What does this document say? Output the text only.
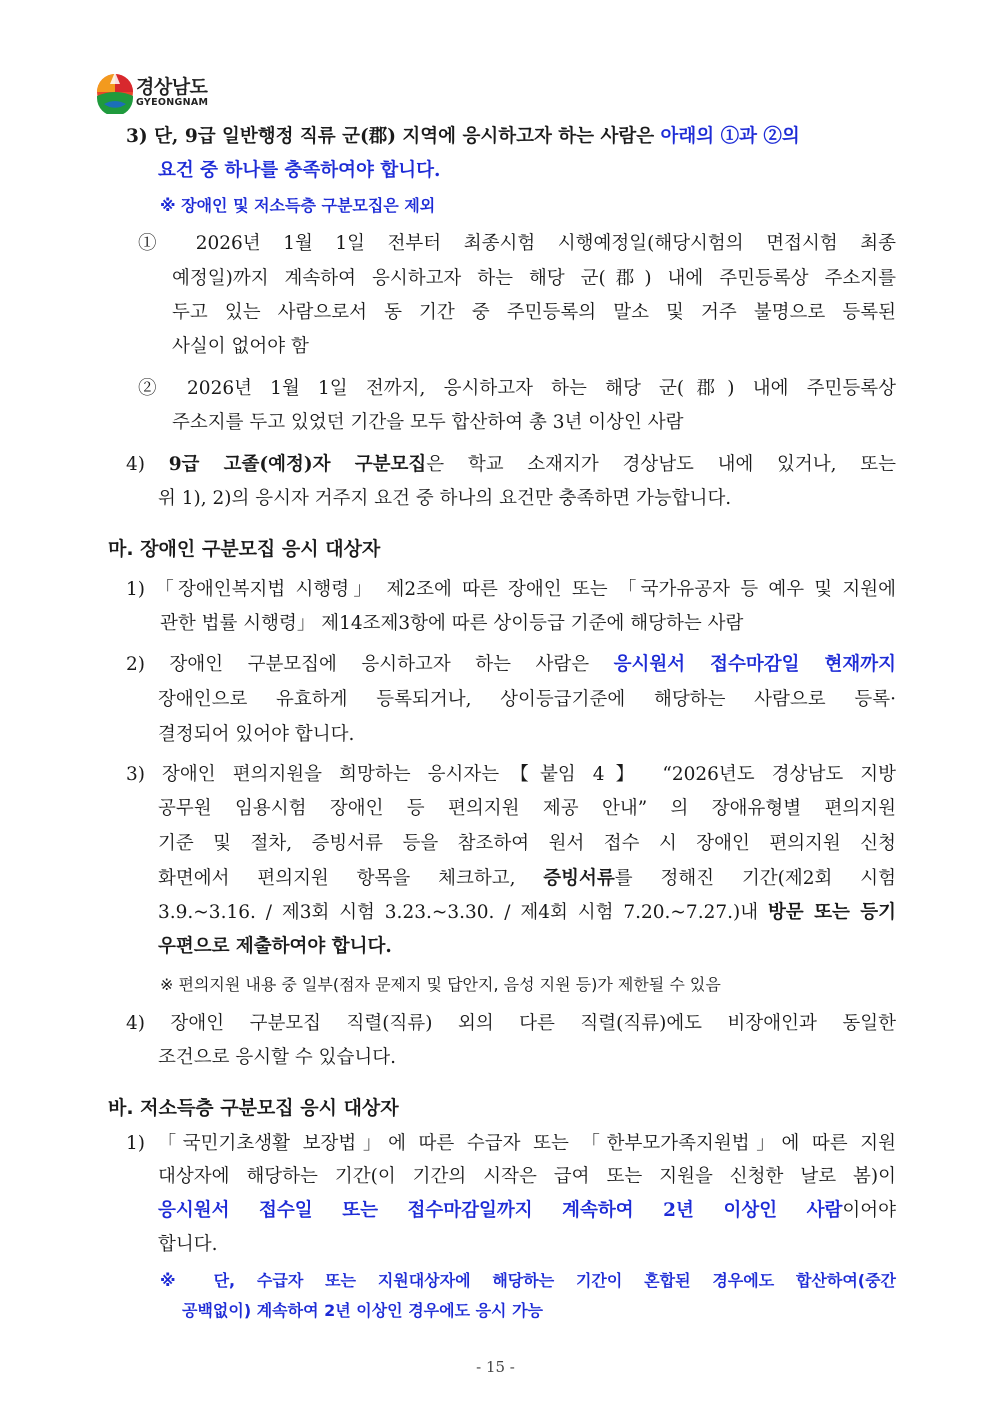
경상남도
GYEONGNAM
3) 단, 9급 일반행정 직류 군(郡) 지역에 응시하고자 하는 사람은 아래의 ①과 ②의
요건 중 하나를 충족하여야 합니다.
※ 장애인 및 저소득층 구분모집은 제외
① 2026년 1월 1일 전부터 최종시험 시행예정일(해당시험의 면접시험 최종
예정일)까지 계속하여 응시하고자 하는 해당 군(郡) 내에 주민등록상 주소지를
두고 있는 사람으로서 동 기간 중 주민등록의 말소 및 거주 불명으로 등록된
사실이 없어야 함
② 2026년 1월 1일 전까지, 응시하고자 하는 해당 군(郡) 내에 주민등록상
주소지를 두고 있었던 기간을 모두 합산하여 총 3년 이상인 사람
4) 9급 고졸(예정)자 구분모집은 학교 소재지가 경상남도 내에 있거나, 또는
위 1), 2)의 응시자 거주지 요건 중 하나의 요건만 충족하면 가능합니다.
마. 장애인 구분모집 응시 대상자
1) 「장애인복지법 시행령」 제2조에 따른 장애인 또는 「국가유공자 등 예우 및 지원에
관한 법률 시행령」 제14조제3항에 따른 상이등급 기준에 해당하는 사람
2) 장애인 구분모집에 응시하고자 하는 사람은 응시원서 접수마감일 현재까지
장애인으로 유효하게 등록되거나, 상이등급기준에 해당하는 사람으로 등록·
결정되어 있어야 합니다.
3) 장애인 편의지원을 희망하는 응시자는【붙임 4】 “2026년도 경상남도 지방
공무원 임용시험 장애인 등 편의지원 제공 안내” 의 장애유형별 편의지원
기준 및 절차, 증빙서류 등을 참조하여 원서 접수 시 장애인 편의지원 신청
화면에서 편의지원 항목을 체크하고, 증빙서류를 정해진 기간(제2회 시험
3.9.~3.16. / 제3회 시험 3.23.~3.30. / 제4회 시험 7.20.~7.27.)내 방문 또는 등기
우편으로 제출하여야 합니다.
※ 편의지원 내용 중 일부(점자 문제지 및 답안지, 음성 지원 등)가 제한될 수 있음
4) 장애인 구분모집 직렬(직류) 외의 다른 직렬(직류)에도 비장애인과 동일한
조건으로 응시할 수 있습니다.
바. 저소득층 구분모집 응시 대상자
1) 「국민기초생활 보장법」에 따른 수급자 또는 「한부모가족지원법」에 따른 지원
대상자에 해당하는 기간(이 기간의 시작은 급여 또는 지원을 신청한 날로 봄)이
응시원서 접수일 또는 접수마감일까지 계속하여 2년 이상인 사람이어야
합니다.
※ 단, 수급자 또는 지원대상자에 해당하는 기간이 혼합된 경우에도 합산하여(중간
공백없이) 계속하여 2년 이상인 경우에도 응시 가능
- 15 -
